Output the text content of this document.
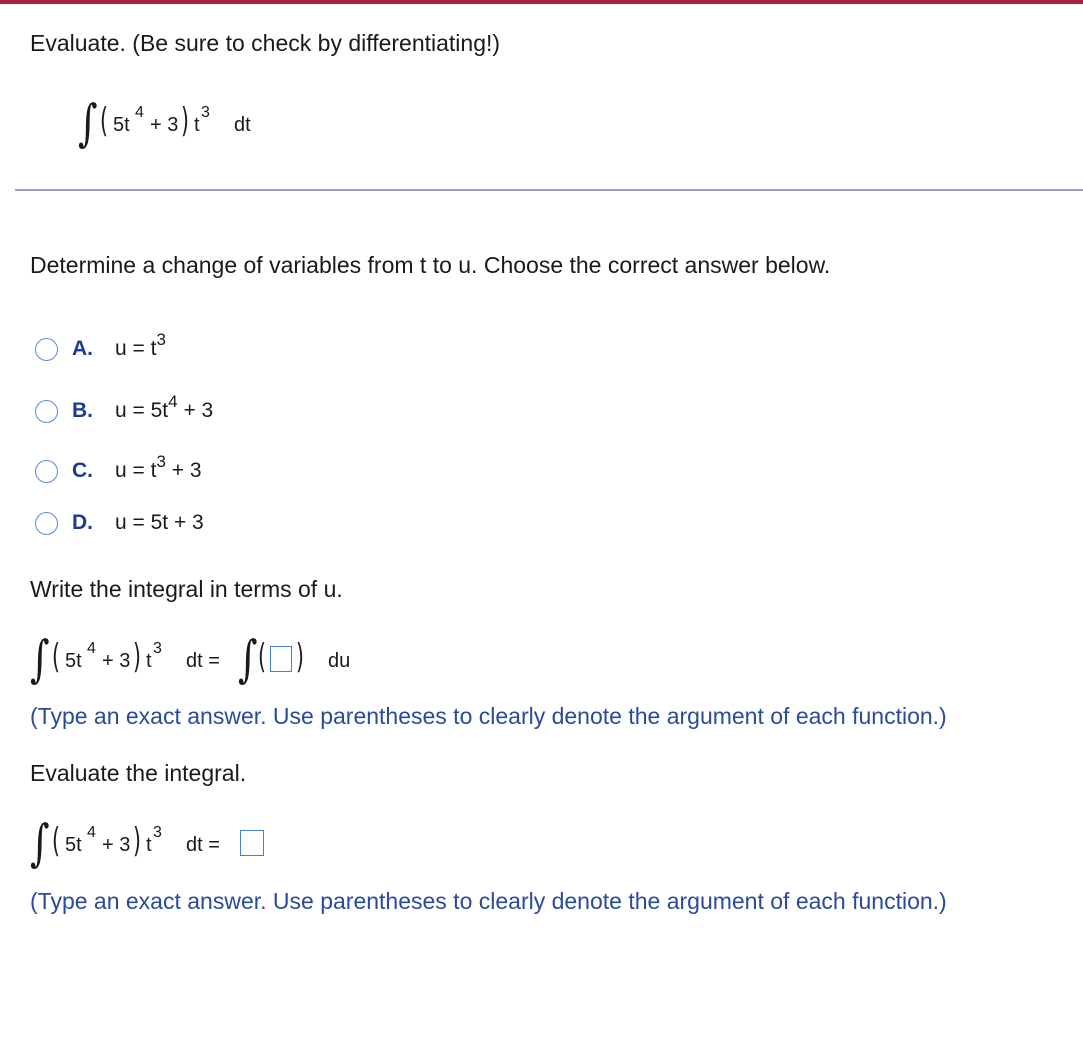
Evaluate. (Be sure to check by differentiating!)
∫ ( 5t
4
+ 3 ) t
3
dt
Determine a change of variables from t to u. Choose the correct answer below.
A. $u = t^3$
B. $u = 5t^4 + 3$
C. $u = t^3 + 3$
D. u = 5t + 3
Write the integral in terms of u.
∫ ( 5t
4
+ 3 ) t
3
dt = ∫ ( ) du
(Type an exact answer. Use parentheses to clearly denote the argument of each function.)
Evaluate the integral.
∫ ( 5t
4
+ 3 ) t
3
dt =
(Type an exact answer. Use parentheses to clearly denote the argument of each function.)
